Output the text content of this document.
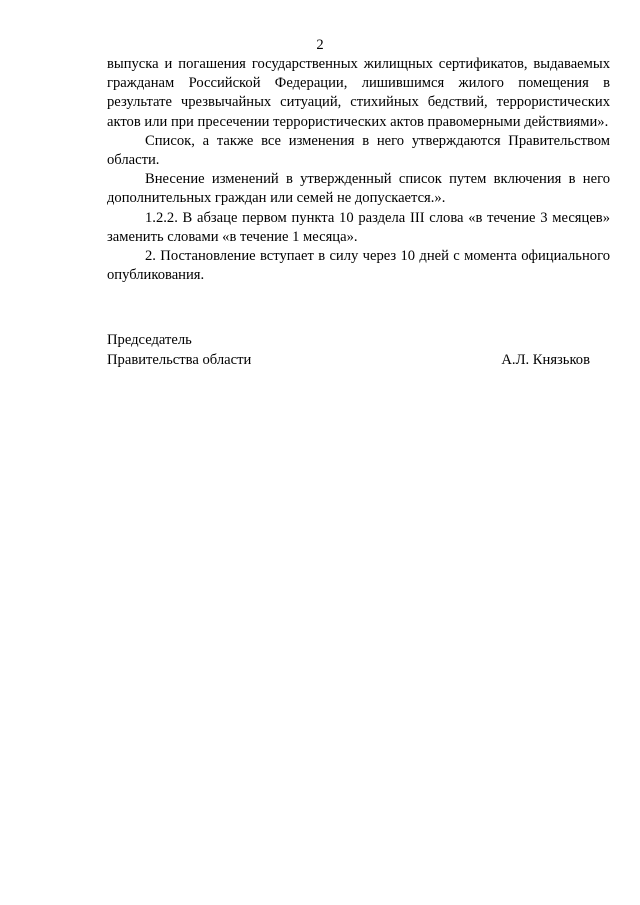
2

выпуска и погашения государственных жилищных сертификатов, выдаваемых гражданам Российской Федерации, лишившимся жилого помещения в результате чрезвычайных ситуаций, стихийных бедствий, террористических актов или при пресечении террористических актов правомерными действиями».

Список, а также все изменения в него утверждаются Правительством области.

Внесение изменений в утвержденный список путем включения в него дополнительных граждан или семей не допускается.».

1.2.2. В абзаце первом пункта 10 раздела III слова «в течение 3 месяцев» заменить словами «в течение 1 месяца».

2. Постановление вступает в силу через 10 дней с момента официального опубликования.

Председатель
Правительства области	А.Л. Князьков
